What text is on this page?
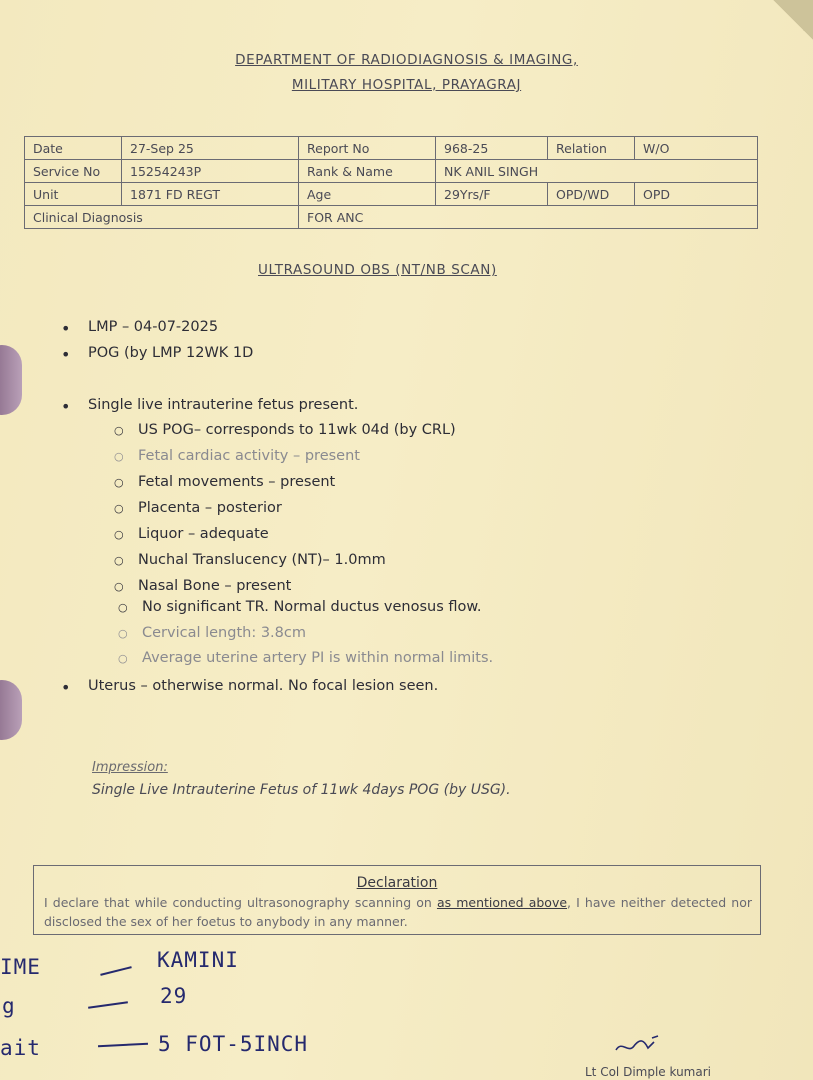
DEPARTMENT OF RADIODIAGNOSIS & IMAGING,
MILITARY HOSPITAL, PRAYAGRAJ
Date	27-Sep 25	Report No	968-25	Relation	W/O
Service No	15254243P	Rank & Name	NK ANIL SINGH		
Unit	1871 FD REGT	Age	29Yrs/F	OPD/WD	OPD
Clinical Diagnosis		FOR ANC			
ULTRASOUND OBS (NT/NB SCAN)
LMP – 04-07-2025
POG (by LMP 12WK 1D
Single live intrauterine fetus present.
○ US POG– corresponds to 11wk 04d (by CRL)
○ Fetal cardiac activity – present
○ Fetal movements – present
○ Placenta – posterior
○ Liquor – adequate
○ Nuchal Translucency (NT)– 1.0mm
○ Nasal Bone – present
○ No significant TR. Normal ductus venosus flow.
○ Cervical length: 3.8cm
○ Average uterine artery PI is within normal limits.
Uterus – otherwise normal. No focal lesion seen.
Impression:
Single Live Intrauterine Fetus of 11wk 4days POG (by USG).
Declaration
I declare that while conducting ultrasonography scanning on as mentioned above, I have neither detected nor disclosed the sex of her foetus to anybody in any manner.
IME	KAMINI
g	29
ait	5 FOT-5INCH
Lt Col Dimple kumari
